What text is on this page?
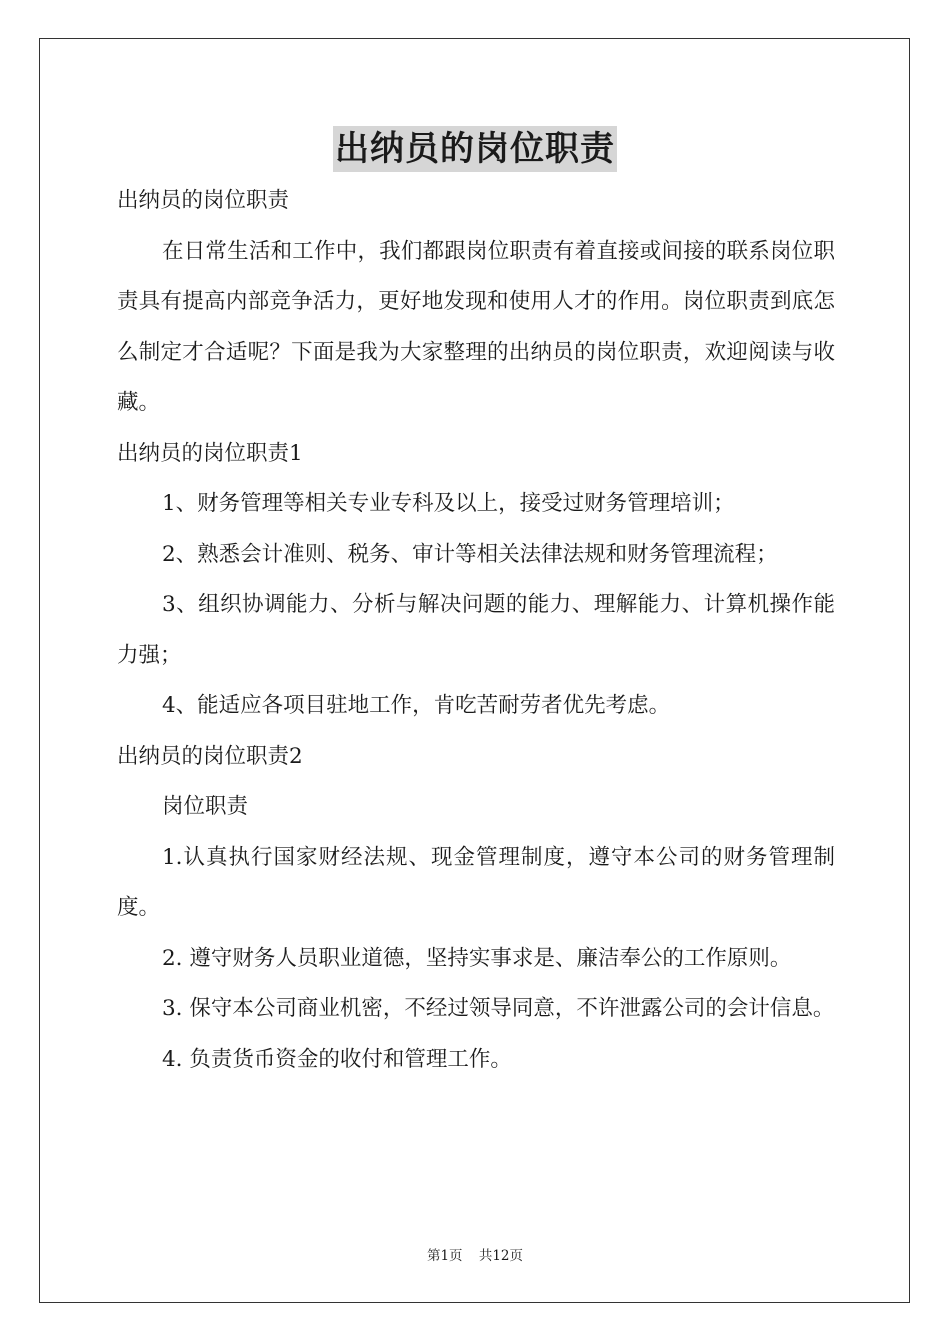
出纳员的岗位职责

出纳员的岗位职责

在日常生活和工作中，我们都跟岗位职责有着直接或间接的联系岗位职责具有提高内部竞争活力，更好地发现和使用人才的作用。岗位职责到底怎么制定才合适呢？下面是我为大家整理的出纳员的岗位职责，欢迎阅读与收藏。

出纳员的岗位职责1

1、财务管理等相关专业专科及以上，接受过财务管理培训；

2、熟悉会计准则、税务、审计等相关法律法规和财务管理流程；

3、组织协调能力、分析与解决问题的能力、理解能力、计算机操作能力强；

4、能适应各项目驻地工作，肯吃苦耐劳者优先考虑。

出纳员的岗位职责2

岗位职责

1.认真执行国家财经法规、现金管理制度，遵守本公司的财务管理制度。

2. 遵守财务人员职业道德，坚持实事求是、廉洁奉公的工作原则。

3. 保守本公司商业机密，不经过领导同意，不许泄露公司的会计信息。

4. 负责货币资金的收付和管理工作。

第1页 共12页
